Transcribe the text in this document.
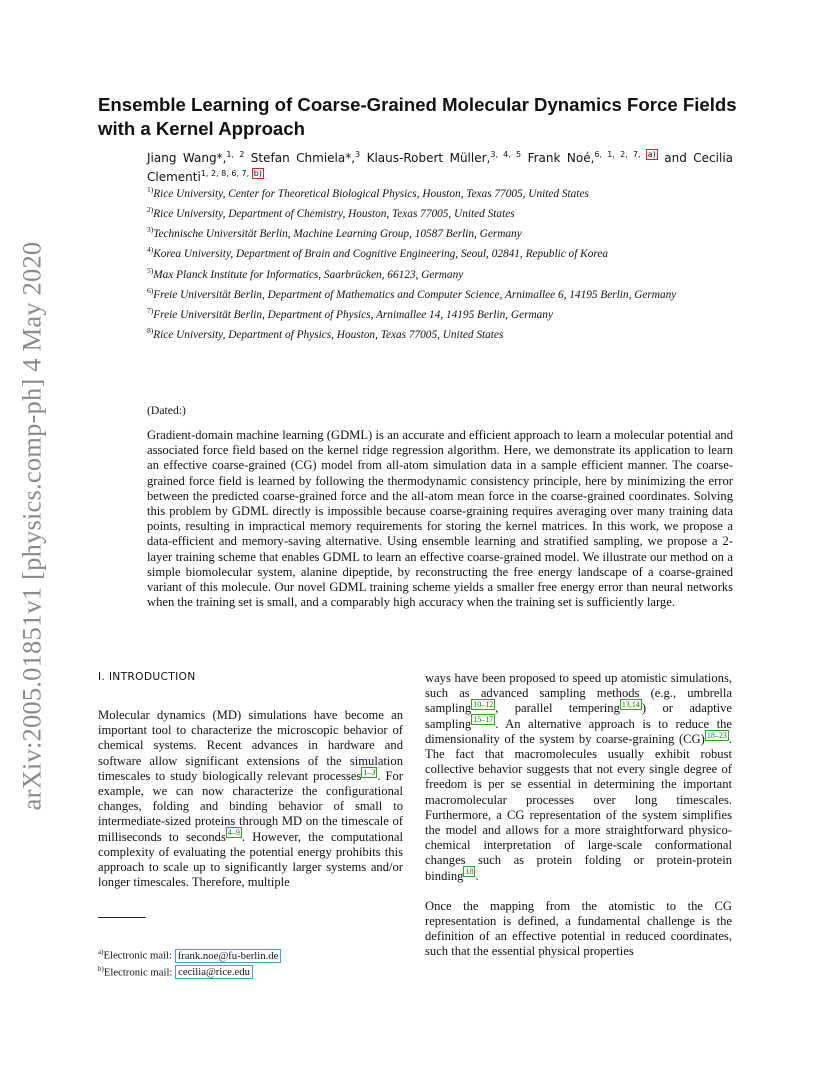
arXiv:2005.01851v1 [physics.comp-ph] 4 May 2020
Ensemble Learning of Coarse-Grained Molecular Dynamics Force Fields with a Kernel Approach
Jiang Wang*,$^{1, 2}$ Stefan Chmiela*,$^3$ Klaus-Robert Müller,$^{3, 4, 5}$ Frank Noé,$^{6, 1, 2, 7,}$ $^{a)}$ and Cecilia Clementi$^{1, 2, 8, 6, 7,}$ $^{b)}$
$^{1)}$Rice University, Center for Theoretical Biological Physics, Houston, Texas 77005, United States
$^{2)}$Rice University, Department of Chemistry, Houston, Texas 77005, United States
$^{3)}$Technische Universität Berlin, Machine Learning Group, 10587 Berlin, Germany
$^{4)}$Korea University, Department of Brain and Cognitive Engineering, Seoul, 02841, Republic of Korea
$^{5)}$Max Planck Institute for Informatics, Saarbrücken, 66123, Germany
$^{6)}$Freie Universität Berlin, Department of Mathematics and Computer Science, Arnimallee 6, 14195 Berlin, Germany
$^{7)}$Freie Universität Berlin, Department of Physics, Arnimallee 14, 14195 Berlin, Germany
$^{8)}$Rice University, Department of Physics, Houston, Texas 77005, United States
(Dated:)
Gradient-domain machine learning (GDML) is an accurate and efficient approach to learn a molecular potential and associated force field based on the kernel ridge regression algorithm. Here, we demonstrate its application to learn an effective coarse-grained (CG) model from all-atom simulation data in a sample efficient manner. The coarse-grained force field is learned by following the thermodynamic consistency principle, here by minimizing the error between the predicted coarse-grained force and the all-atom mean force in the coarse-grained coordinates. Solving this problem by GDML directly is impossible because coarse-graining requires averaging over many training data points, resulting in impractical memory requirements for storing the kernel matrices. In this work, we propose a data-efficient and memory-saving alternative. Using ensemble learning and stratified sampling, we propose a 2-layer training scheme that enables GDML to learn an effective coarse-grained model. We illustrate our method on a simple biomolecular system, alanine dipeptide, by reconstructing the free energy landscape of a coarse-grained variant of this molecule. Our novel GDML training scheme yields a smaller free energy error than neural networks when the training set is small, and a comparably high accuracy when the training set is sufficiently large.
I. INTRODUCTION

Molecular dynamics (MD) simulations have become an important tool to characterize the microscopic behavior of chemical systems. Recent advances in hardware and software allow significant extensions of the simulation timescales to study biologically relevant processes $^{1-3}$ . For example, we can now characterize the configurational changes, folding and binding behavior of small to intermediate-sized proteins through MD on the timescale of milliseconds to seconds $^{4-9}$ . However, the computational complexity of evaluating the potential energy prohibits this approach to scale up to significantly larger systems and/or longer timescales. Therefore, multiple

ways have been proposed to speed up atomistic simulations, such as advanced sampling methods (e.g., umbrella sampling $^{10-12}$ , parallel tempering $^{13,14}$ ) or adaptive sampling $^{15-17}$ . An alternative approach is to reduce the dimensionality of the system by coarse-graining (CG) $^{18-23}$ . The fact that macromolecules usually exhibit robust collective behavior suggests that not every single degree of freedom is per se essential in determining the important macromolecular processes over long timescales. Furthermore, a CG representation of the system simplifies the model and allows for a more straightforward physico-chemical interpretation of large-scale conformational changes such as protein folding or protein-protein binding $^{18}$ .

Once the mapping from the atomistic to the CG representation is defined, a fundamental challenge is the definition of an effective potential in reduced coordinates, such that the essential physical properties

$^{a)}$Electronic mail: frank.noe@fu-berlin.de
$^{b)}$Electronic mail: cecilia@rice.edu
